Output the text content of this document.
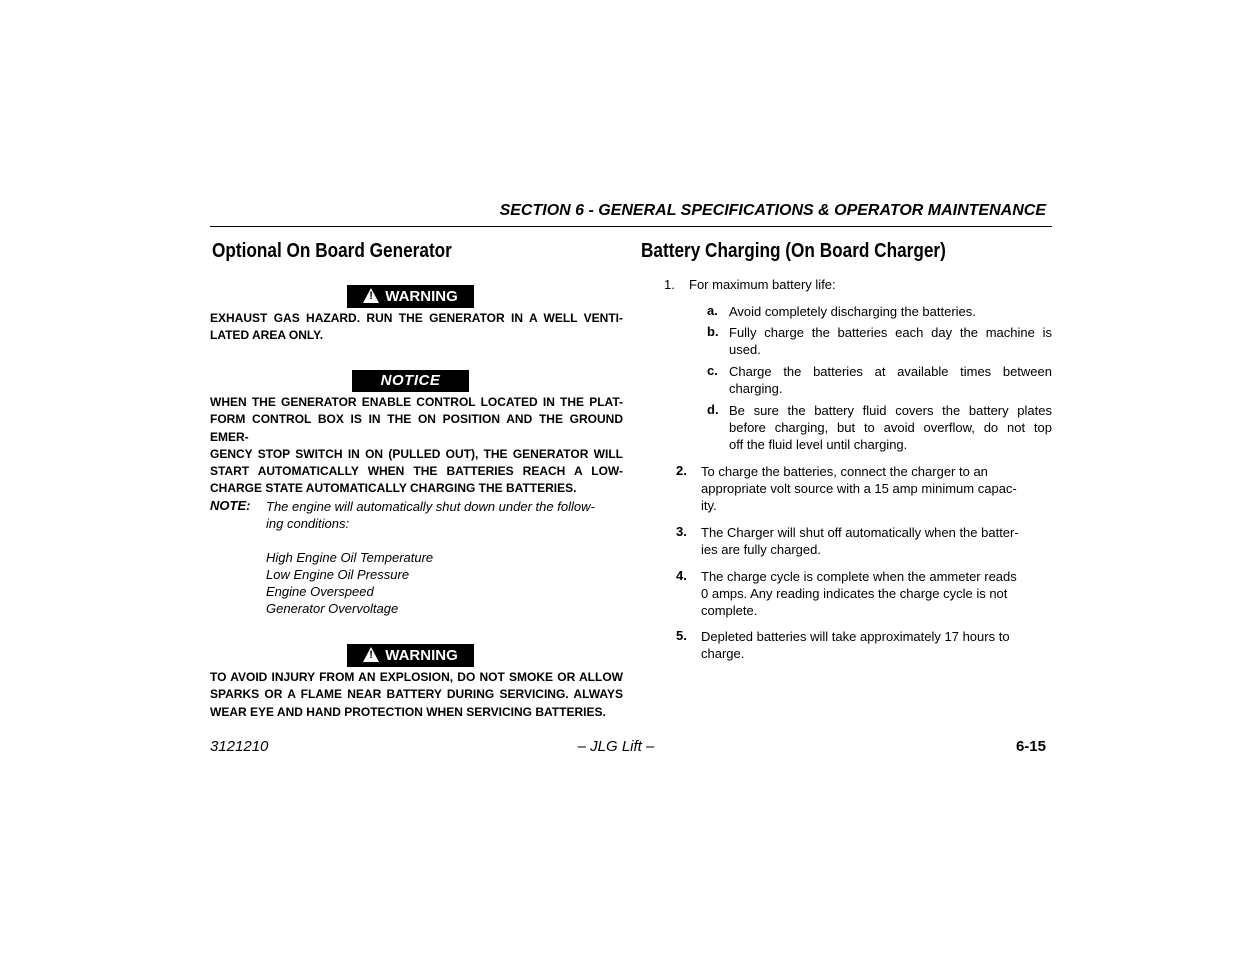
SECTION 6 - GENERAL SPECIFICATIONS & OPERATOR MAINTENANCE
Optional On Board Generator
!WARNING
EXHAUST GAS HAZARD. RUN THE GENERATOR IN A WELL VENTI-
LATED AREA ONLY.
NOTICE
WHEN THE GENERATOR ENABLE CONTROL LOCATED IN THE PLAT-
FORM CONTROL BOX IS IN THE ON POSITION AND THE GROUND EMER-
GENCY STOP SWITCH IN ON (PULLED OUT), THE GENERATOR WILL
START AUTOMATICALLY WHEN THE BATTERIES REACH A LOW-
CHARGE STATE AUTOMATICALLY CHARGING THE BATTERIES.
NOTE: The engine will automatically shut down under the follow-
ing conditions:
High Engine Oil Temperature
Low Engine Oil Pressure
Engine Overspeed
Generator Overvoltage
!WARNING
TO AVOID INJURY FROM AN EXPLOSION, DO NOT SMOKE OR ALLOW
SPARKS OR A FLAME NEAR BATTERY DURING SERVICING. ALWAYS
WEAR EYE AND HAND PROTECTION WHEN SERVICING BATTERIES.
Battery Charging (On Board Charger)
1. For maximum battery life:
a. Avoid completely discharging the batteries.
b. Fully charge the batteries each day the machine is
used.
c. Charge the batteries at available times between
charging.
d. Be sure the battery fluid covers the battery plates
before charging, but to avoid overflow, do not top
off the fluid level until charging.
2. To charge the batteries, connect the charger to an
appropriate volt source with a 15 amp minimum capac-
ity.
3. The Charger will shut off automatically when the batter-
ies are fully charged.
4. The charge cycle is complete when the ammeter reads
0 amps. Any reading indicates the charge cycle is not
complete.
5. Depleted batteries will take approximately 17 hours to
charge.
3121210	– JLG Lift –	6-15
